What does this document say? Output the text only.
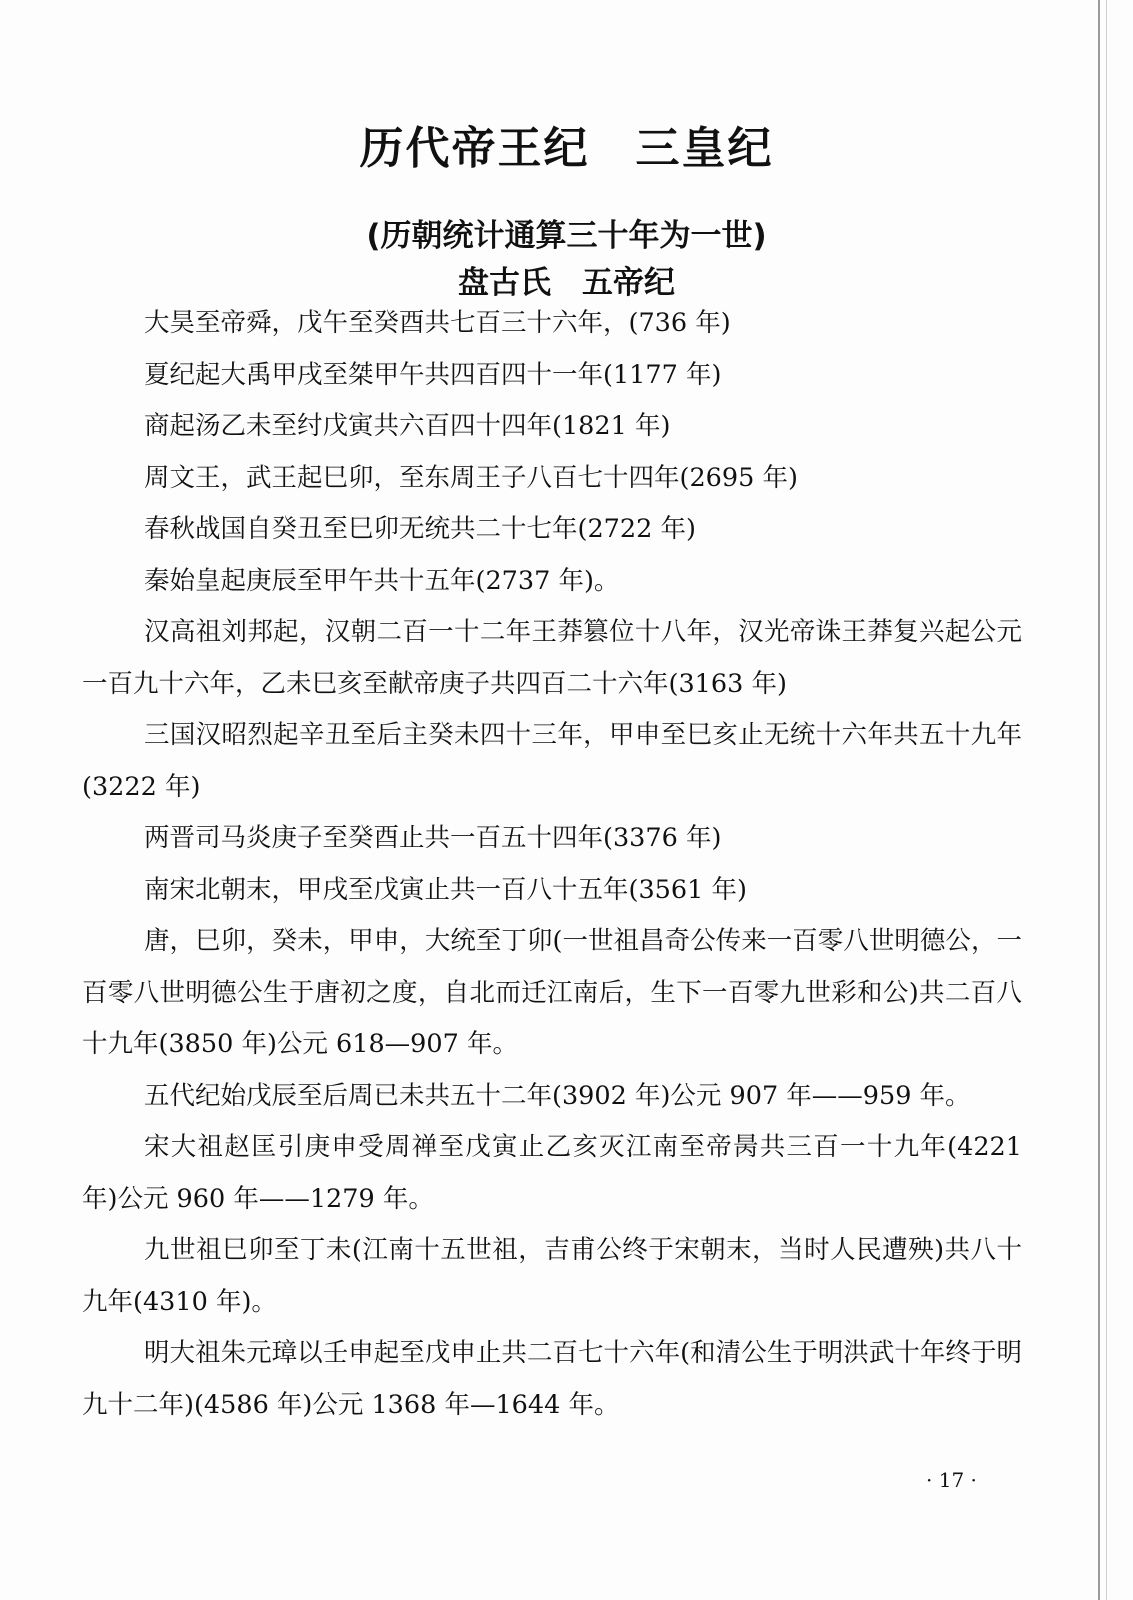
历代帝王纪　三皇纪
(历朝统计通算三十年为一世)
盘古氏　五帝纪

大昊至帝舜，戊午至癸酉共七百三十六年，(736 年)

夏纪起大禹甲戌至桀甲午共四百四十一年(1177 年)

商起汤乙未至纣戊寅共六百四十四年(1821 年)

周文王，武王起巳卯，至东周王子八百七十四年(2695 年)

春秋战国自癸丑至巳卯无统共二十七年(2722 年)

秦始皇起庚辰至甲午共十五年(2737 年)。

汉高祖刘邦起，汉朝二百一十二年王莽篡位十八年，汉光帝诛王莽复兴起公元一百九十六年，乙未巳亥至献帝庚子共四百二十六年(3163 年)

三国汉昭烈起辛丑至后主癸未四十三年，甲申至巳亥止无统十六年共五十九年(3222 年)

两晋司马炎庚子至癸酉止共一百五十四年(3376 年)

南宋北朝末，甲戌至戊寅止共一百八十五年(3561 年)

唐，巳卯，癸未，甲申，大统至丁卯(一世祖昌奇公传来一百零八世明德公，一百零八世明德公生于唐初之度，自北而迁江南后，生下一百零九世彩和公)共二百八十九年(3850 年)公元 618—907 年。

五代纪始戊辰至后周已未共五十二年(3902 年)公元 907 年——959 年。

宋大祖赵匡引庚申受周禅至戊寅止乙亥灭江南至帝昺共三百一十九年(4221 年)公元 960 年——1279 年。

九世祖巳卯至丁未(江南十五世祖，吉甫公终于宋朝末，当时人民遭殃)共八十九年(4310 年)。

明大祖朱元璋以壬申起至戊申止共二百七十六年(和清公生于明洪武十年终于明九十二年)(4586 年)公元 1368 年—1644 年。

· 17 ·
